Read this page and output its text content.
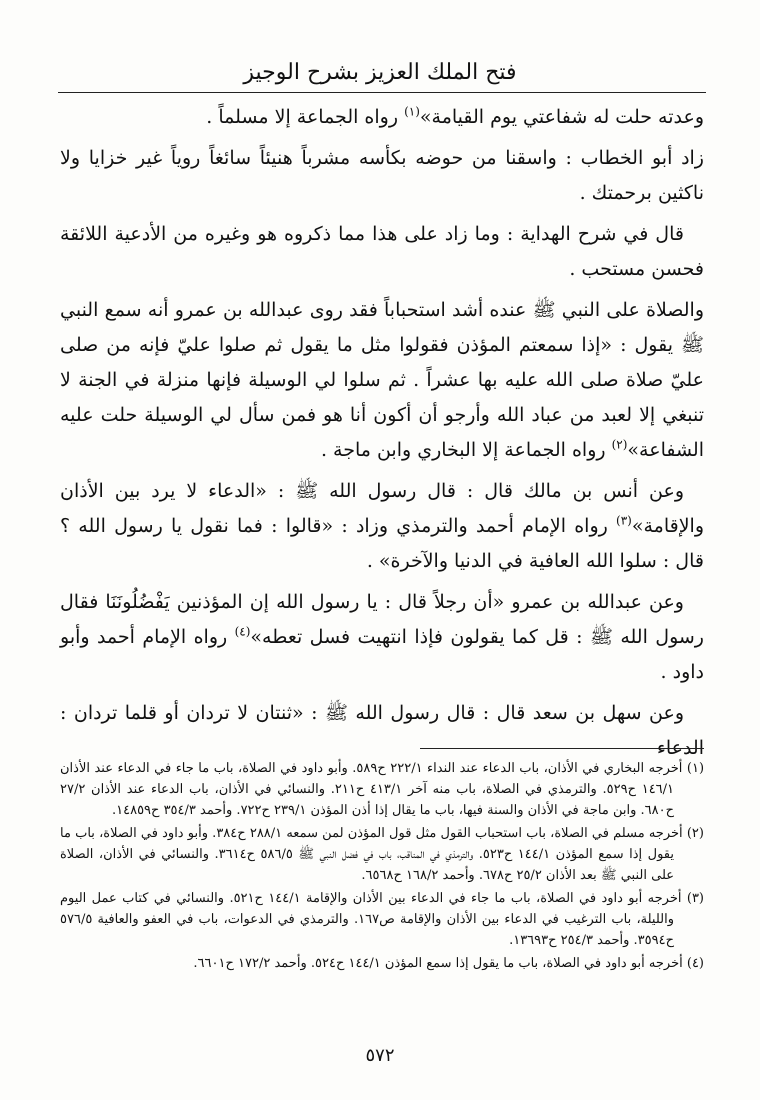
فتح الملك العزيز بشرح الوجيز

وعدته حلت له شفاعتي يوم القيامة»$^{(١)}$ رواه الجماعة إلا مسلماً .

زاد أبو الخطاب : واسقنا من حوضه بكأسه مشرباً هنيئاً سائغاً روياً غير خزايا ولا ناكثين برحمتك .

قال في شرح الهداية : وما زاد على هذا مما ذكروه هو وغيره من الأدعية اللائقة فحسن مستحب .

والصلاة على النبي ﷺ عنده أشد استحباباً فقد روى عبدالله بن عمرو أنه سمع النبي ﷺ يقول : «إذا سمعتم المؤذن فقولوا مثل ما يقول ثم صلوا عليّ فإنه من صلى عليّ صلاة صلى الله عليه بها عشراً . ثم سلوا لي الوسيلة فإنها منزلة في الجنة لا تنبغي إلا لعبد من عباد الله وأرجو أن أكون أنا هو فمن سأل لي الوسيلة حلت عليه الشفاعة»$^{(٢)}$ رواه الجماعة إلا البخاري وابن ماجة .

وعن أنس بن مالك قال : قال رسول الله ﷺ : «الدعاء لا يرد بين الأذان والإقامة»$^{(٣)}$ رواه الإمام أحمد والترمذي وزاد : «قالوا : فما نقول يا رسول الله ؟ قال : سلوا الله العافية في الدنيا والآخرة» .

وعن عبدالله بن عمرو «أن رجلاً قال : يا رسول الله إن المؤذنين يَفْضُلُونَنَا فقال رسول الله ﷺ : قل كما يقولون فإذا انتهيت فسل تعطه»$^{(٤)}$ رواه الإمام أحمد وأبو داود .

وعن سهل بن سعد قال : قال رسول الله ﷺ : «ثنتان لا تردان أو قلما تردان : الدعاء

(١) أخرجه البخاري في الأذان، باب الدعاء عند النداء ٢٢٢/١ ح٥٨٩. وأبو داود في الصلاة، باب ما جاء في الدعاء عند الأذان ١٤٦/١ ح٥٢٩. والترمذي في الصلاة، باب منه آخر ٤١٣/١ ح٢١١. والنسائي في الأذان، باب الدعاء عند الأذان ٢٧/٢ ح٦٨٠. وابن ماجة في الأذان والسنة فيها، باب ما يقال إذا أذن المؤذن ٢٣٩/١ ح٧٢٢. وأحمد ٣٥٤/٣ ح١٤٨٥٩.

(٢) أخرجه مسلم في الصلاة، باب استحباب القول مثل قول المؤذن لمن سمعه ٢٨٨/١ ح٣٨٤. وأبو داود في الصلاة، باب ما يقول إذا سمع المؤذن ١٤٤/١ ح٥٢٣. والترمذي في المناقب، باب في فضل النبي ﷺ ٥٨٦/٥ ح٣٦١٤. والنسائي في الأذان، الصلاة على النبي ﷺ بعد الأذان ٢٥/٢ ح٦٧٨. وأحمد ١٦٨/٢ ح٦٥٦٨.

(٣) أخرجه أبو داود في الصلاة، باب ما جاء في الدعاء بين الأذان والإقامة ١٤٤/١ ح٥٢١. والنسائي في كتاب عمل اليوم والليلة، باب الترغيب في الدعاء بين الأذان والإقامة ص١٦٧. والترمذي في الدعوات، باب في العفو والعافية ٥٧٦/٥ ح٣٥٩٤. وأحمد ٢٥٤/٣ ح١٣٦٩٣.

(٤) أخرجه أبو داود في الصلاة، باب ما يقول إذا سمع المؤذن ١٤٤/١ ح٥٢٤. وأحمد ١٧٢/٢ ح٦٦٠١.

٥٧٢
